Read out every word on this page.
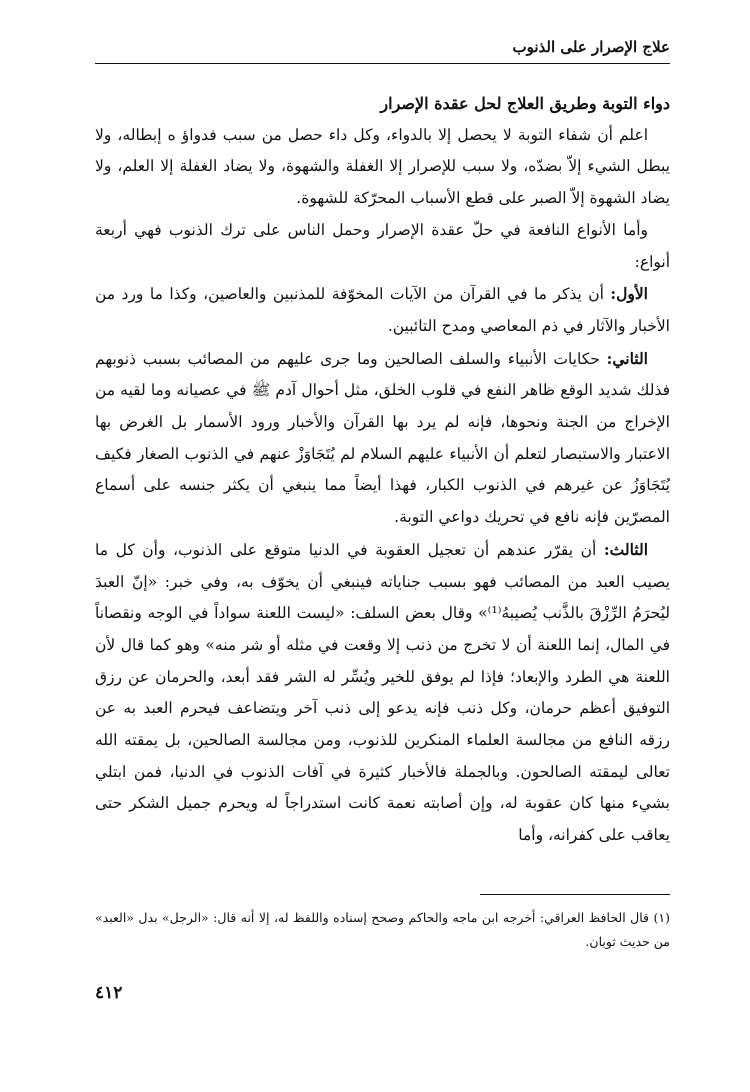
علاج الإصرار على الذنوب

دواء التوبة وطريق العلاج لحل عقدة الإصرار

اعلم أن شفاء التوبة لا يحصل إلا بالدواء، وكل داء حصل من سبب فدواؤ ه إبطاله، ولا يبطل الشيء إلاّ بضدّه، ولا سبب للإصرار إلا الغفلة والشهوة، ولا يضاد الغفلة إلا العلم، ولا يضاد الشهوة إلاّ الصبر على قطع الأسباب المحرّكة للشهوة.

وأما الأنواع النافعة في حلّ عقدة الإصرار وحمل الناس على ترك الذنوب فهي أربعة أنواع:

الأول: أن يذكر ما في القرآن من الآيات المخوّفة للمذنبين والعاصين، وكذا ما ورد من الأخبار والآثار في ذم المعاصي ومدح التائبين.

الثاني: حكايات الأنبياء والسلف الصالحين وما جرى عليهم من المصائب بسبب ذنوبهم فذلك شديد الوقع ظاهر النفع في قلوب الخلق، مثل أحوال آدم ﷺ في عصيانه وما لقيه من الإخراج من الجنة ونحوها، فإنه لم يرد بها القرآن والأخبار ورود الأسمار بل الغرض بها الاعتبار والاستبصار لتعلم أن الأنبياء عليهم السلام لم يُتَجَاوَزْ عنهم في الذنوب الصغار فكيف يُتَجَاوَزُ عن غيرهم في الذنوب الكبار، فهذا أيضاً مما ينبغي أن يكثر جنسه على أسماع المصرّين فإنه نافع في تحريك دواعي التوبة.

الثالث: أن يقرّر عندهم أن تعجيل العقوبة في الدنيا متوقع على الذنوب، وأن كل ما يصيب العبد من المصائب فهو بسبب جناياته فينبغي أن يخوّف به، وفي خبر: «إنّ العبدَ ليُحرَمُ الرِّزْقَ بالذَّنب يُصيبهُ⁽¹⁾» وقال بعض السلف: «ليست اللعنة سواداً في الوجه ونقصاناً في المال، إنما اللعنة أن لا تخرج من ذنب إلا وقعت في مثله أو شر منه» وهو كما قال لأن اللعنة هي الطرد والإبعاد؛ فإذا لم يوفق للخير ويُسِّر له الشر فقد أبعد، والحرمان عن رزق التوفيق أعظم حرمان، وكل ذنب فإنه يدعو إلى ذنب آخر ويتضاعف فيحرم العبد به عن رزقه النافع من مجالسة العلماء المنكرين للذنوب، ومن مجالسة الصالحين، بل يمقته الله تعالى ليمقته الصالحون. وبالجملة فالأخبار كثيرة في آفات الذنوب في الدنيا، فمن ابتلي بشيء منها كان عقوبة له، وإن أصابته نعمة كانت استدراجاً له ويحرم جميل الشكر حتى يعاقب على كفرانه، وأما

(١) قال الحافظ العراقي: أخرجه ابن ماجه والحاكم وصحح إسناده واللفظ له، إلا أنه قال: «الرجل» بدل «العبد» من حديث ثوبان.
٤١٢
